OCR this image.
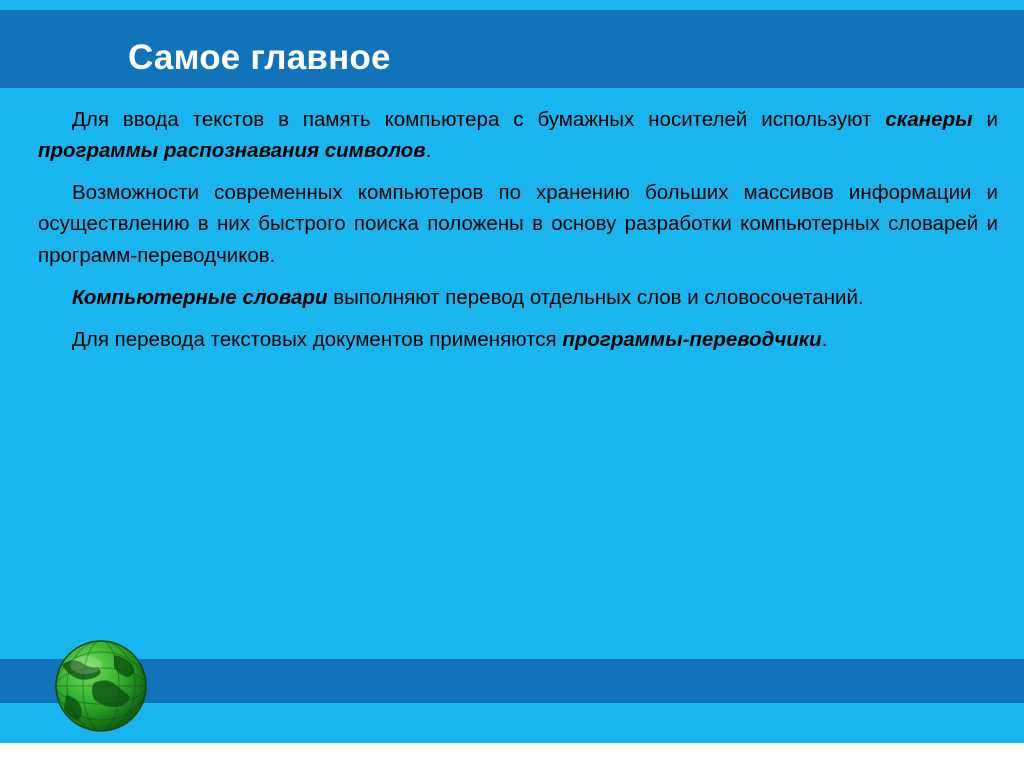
Самое главное

Для ввода текстов в память компьютера с бумажных носителей используют сканеры и программы распознавания символов.

Возможности современных компьютеров по хранению больших массивов информации и осуществлению в них быстрого поиска положены в основу разработки компьютерных словарей и программ-переводчиков.

Компьютерные словари выполняют перевод отдельных слов и словосочетаний.

Для перевода текстовых документов применяются программы-переводчики.
